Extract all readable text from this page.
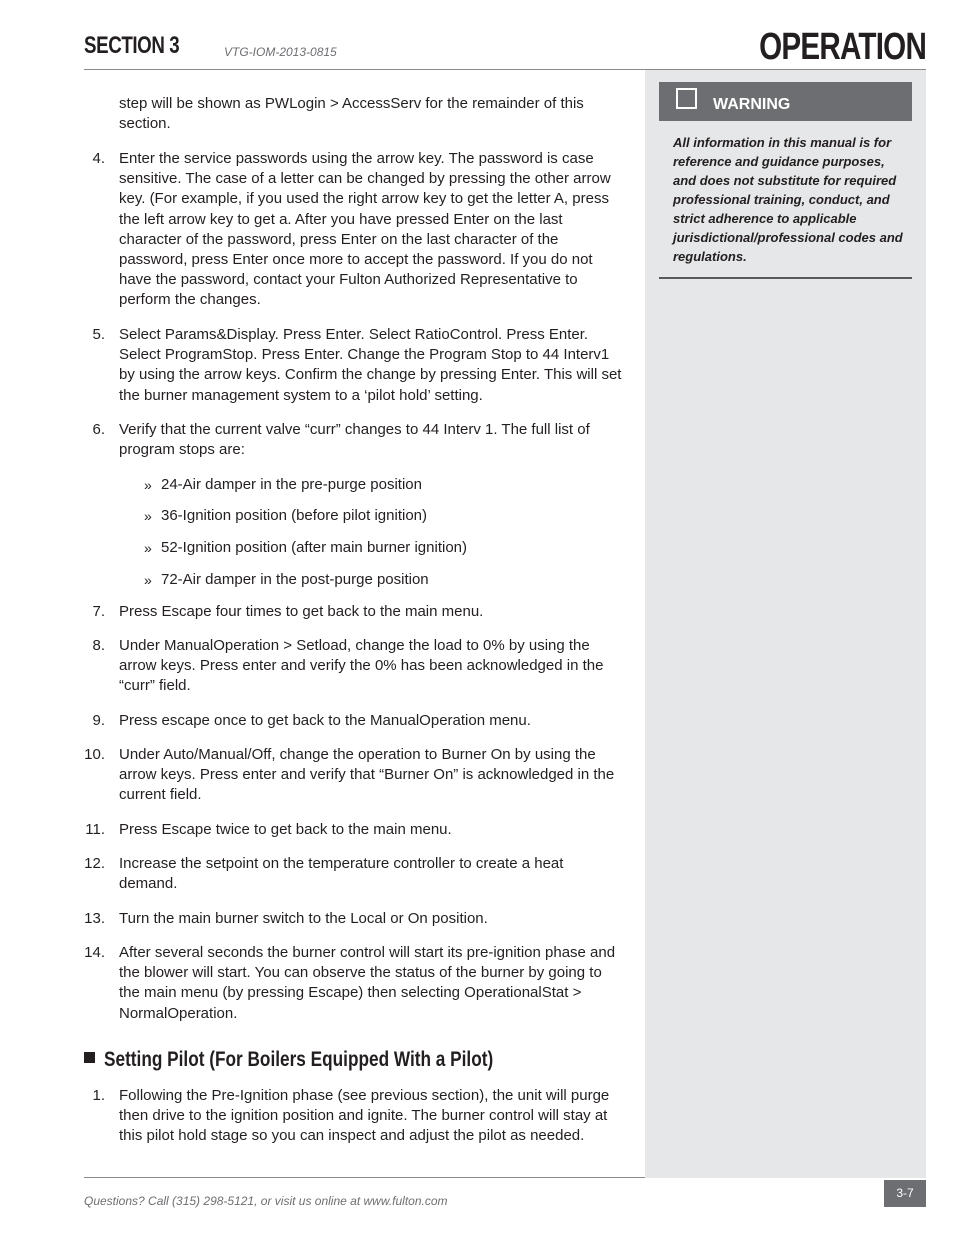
SECTION 3	VTG-IOM-2013-0815	OPERATION
WARNING
All information in this manual is for reference and guidance purposes, and does not substitute for required professional training, conduct, and strict adherence to applicable jurisdictional/professional codes and regulations.
step will be shown as PWLogin > AccessServ for the remainder of this section.
4. Enter the service passwords using the arrow key. The password is case sensitive. The case of a letter can be changed by pressing the other arrow key. (For example, if you used the right arrow key to get the letter A, press the left arrow key to get a. After you have pressed Enter on the last character of the password, press Enter on the last character of the password, press Enter once more to accept the password. If you do not have the password, contact your Fulton Authorized Representative to perform the changes.
5. Select Params&Display. Press Enter. Select RatioControl. Press Enter. Select ProgramStop. Press Enter. Change the Program Stop to 44 Interv1 by using the arrow keys. Confirm the change by pressing Enter. This will set the burner management system to a ‘pilot hold’ setting.
6. Verify that the current valve “curr” changes to 44 Interv 1. The full list of program stops are:
» 24-Air damper in the pre-purge position
» 36-Ignition position (before pilot ignition)
» 52-Ignition position (after main burner ignition)
» 72-Air damper in the post-purge position
7. Press Escape four times to get back to the main menu.
8. Under ManualOperation > Setload, change the load to 0% by using the arrow keys. Press enter and verify the 0% has been acknowledged in the “curr” field.
9. Press escape once to get back to the ManualOperation menu.
10. Under Auto/Manual/Off, change the operation to Burner On by using the arrow keys. Press enter and verify that “Burner On” is acknowledged in the current field.
11. Press Escape twice to get back to the main menu.
12. Increase the setpoint on the temperature controller to create a heat demand.
13. Turn the main burner switch to the Local or On position.
14. After several seconds the burner control will start its pre-ignition phase and the blower will start. You can observe the status of the burner by going to the main menu (by pressing Escape) then selecting OperationalStat > NormalOperation.
Setting Pilot (For Boilers Equipped With a Pilot)
1. Following the Pre-Ignition phase (see previous section), the unit will purge then drive to the ignition position and ignite. The burner control will stay at this pilot hold stage so you can inspect and adjust the pilot as needed.
Questions? Call (315) 298-5121, or visit us online at www.fulton.com
3-7
